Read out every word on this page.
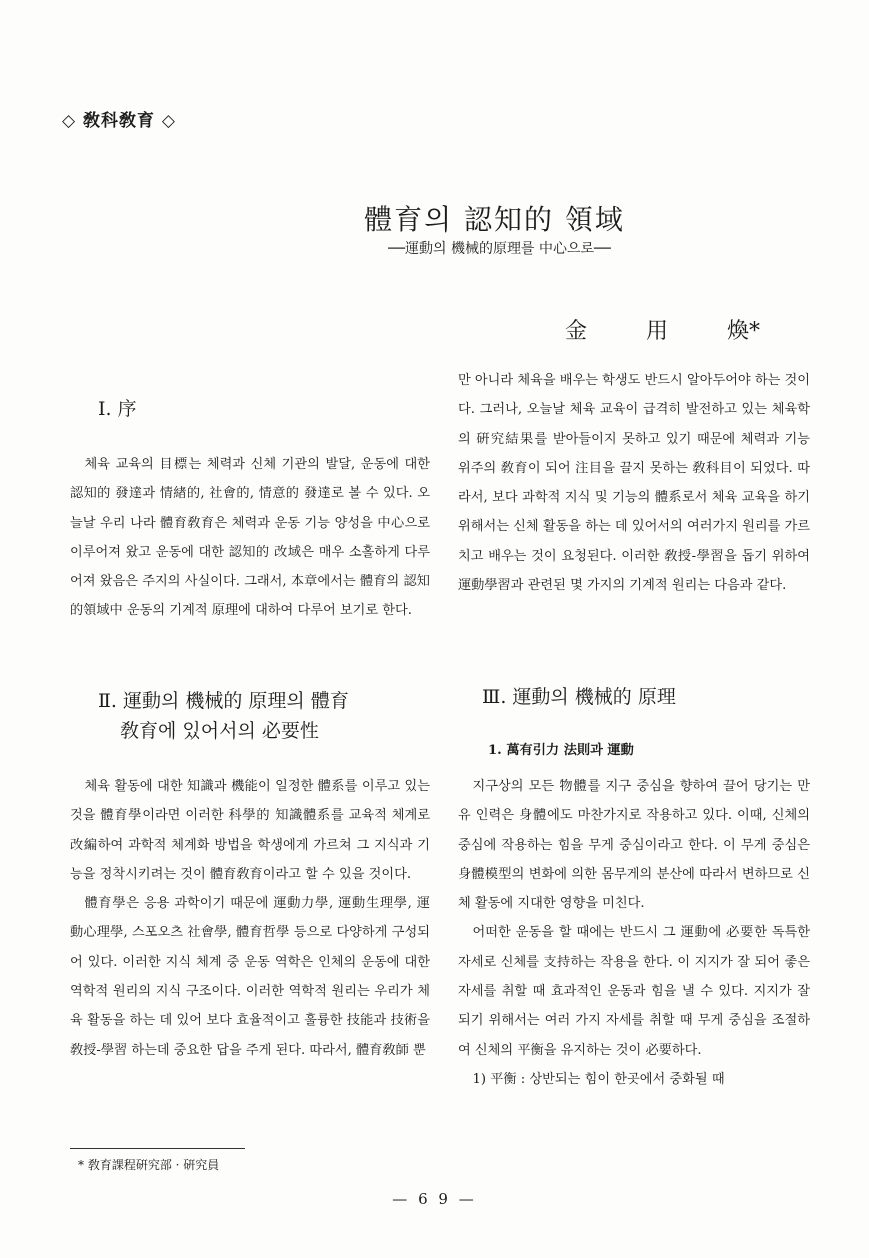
◇ 敎科敎育 ◇
體育의 認知的 領域
──運動의 機械的原理를 中心으로──
金 用 煥*
Ⅰ. 序

체육 교육의 目標는 체력과 신체 기관의 발달, 운동에 대한 認知的 發達과 情緖的, 社會的, 情意的 發達로 볼 수 있다. 오늘날 우리 나라 體育敎育은 체력과 운동 기능 양성을 中心으로 이루어져 왔고 운동에 대한 認知的 改域은 매우 소홀하게 다루어져 왔음은 주지의 사실이다. 그래서, 本章에서는 體育의 認知的領域中 운동의 기계적 原理에 대하여 다루어 보기로 한다.

Ⅱ. 運動의 機械的 原理의 體育
敎育에 있어서의 必要性

체육 활동에 대한 知識과 機能이 일정한 體系를 이루고 있는 것을 體育學이라면 이러한 科學的 知識體系를 교육적 체계로 改編하여 과학적 체계화 방법을 학생에게 가르쳐 그 지식과 기능을 정착시키려는 것이 體育敎育이라고 할 수 있을 것이다.

體育學은 응용 과학이기 때문에 運動力學, 運動生理學, 運動心理學, 스포오츠 社會學, 體育哲學 등으로 다양하게 구성되어 있다. 이러한 지식 체계 중 운동 역학은 인체의 운동에 대한 역학적 원리의 지식 구조이다. 이러한 역학적 원리는 우리가 체육 활동을 하는 데 있어 보다 효율적이고 훌륭한 技能과 技術을 敎授-學習 하는데 중요한 답을 주게 된다. 따라서, 體育敎師 뿐

만 아니라 체육을 배우는 학생도 반드시 알아두어야 하는 것이다. 그러나, 오늘날 체육 교육이 급격히 발전하고 있는 체육학의 硏究結果를 받아들이지 못하고 있기 때문에 체력과 기능 위주의 敎育이 되어 注目을 끌지 못하는 敎科目이 되었다. 따라서, 보다 과학적 지식 및 기능의 體系로서 체육 교육을 하기 위해서는 신체 활동을 하는 데 있어서의 여러가지 원리를 가르치고 배우는 것이 요청된다. 이러한 敎授-學習을 돕기 위하여 運動學習과 관련된 몇 가지의 기계적 원리는 다음과 같다.

Ⅲ. 運動의 機械的 原理
1. 萬有引力 法則과 運動

지구상의 모든 物體를 지구 중심을 향하여 끌어 당기는 만유 인력은 身體에도 마찬가지로 작용하고 있다. 이때, 신체의 중심에 작용하는 힘을 무게 중심이라고 한다. 이 무게 중심은 身體模型의 변화에 의한 몸무게의 분산에 따라서 변하므로 신체 활동에 지대한 영향을 미친다.

어떠한 운동을 할 때에는 반드시 그 運動에 必要한 독특한 자세로 신체를 支持하는 작용을 한다. 이 지지가 잘 되어 좋은 자세를 취할 때 효과적인 운동과 힘을 낼 수 있다. 지지가 잘 되기 위해서는 여러 가지 자세를 취할 때 무게 중심을 조절하여 신체의 平衡을 유지하는 것이 必要하다.

1) 平衡 : 상반되는 힘이 한곳에서 중화될 때

* 敎育課程硏究部 · 硏究員
— 6 9 —
